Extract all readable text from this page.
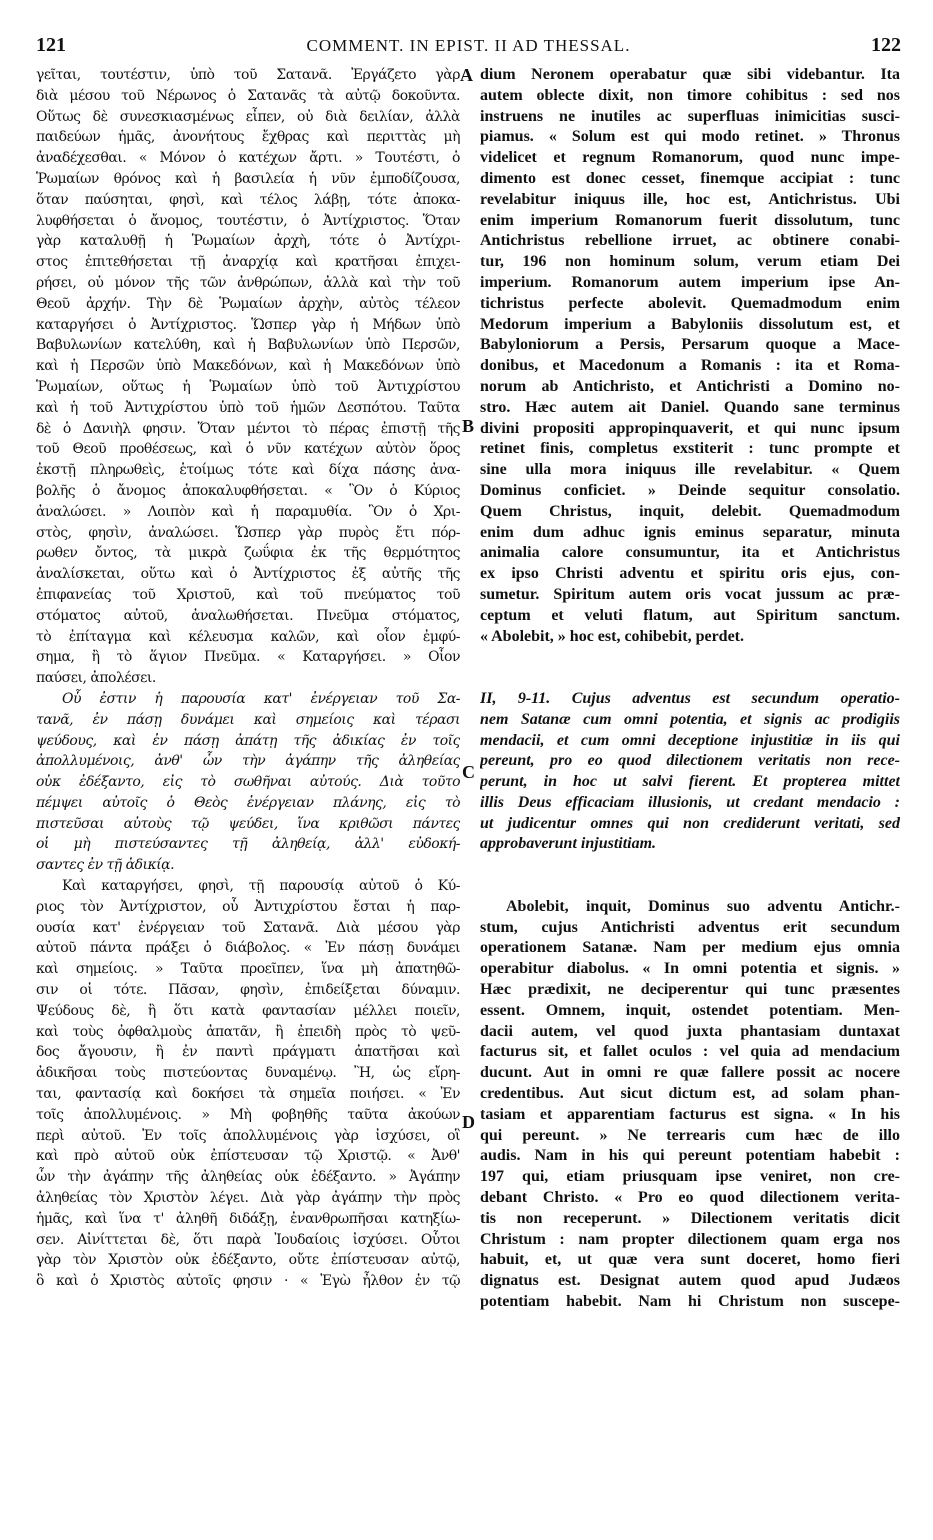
121	COMMENT. IN EPIST. II AD THESSAL.	122
A
B
C
D
γεῖται, τουτέστιν, ὑπὸ τοῦ Σατανᾶ. Ἐργάζετο γὰρ
διὰ μέσου τοῦ Νέρωνος ὁ Σατανᾶς τὰ αὐτῷ δοκοῦντα.
Οὕτως δὲ συνεσκιασμένως εἶπεν, οὐ διὰ δειλίαν, ἀλλὰ
παιδεύων ἡμᾶς, ἀνονήτους ἔχθρας καὶ περιττὰς μὴ
ἀναδέχεσθαι. « Μόνον ὁ κατέχων ἄρτι. » Τουτέστι, ὁ
Ῥωμαίων θρόνος καὶ ἡ βασιλεία ἡ νῦν ἐμποδίζουσα,
ὅταν παύσηται, φησὶ, καὶ τέλος λάβῃ, τότε ἀποκα-
λυφθήσεται ὁ ἄνομος, τουτέστιν, ὁ Ἀντίχριστος. Ὅταν
γὰρ καταλυθῇ ἡ Ῥωμαίων ἀρχὴ, τότε ὁ Ἀντίχρι-
στος ἐπιτεθήσεται τῇ ἀναρχίᾳ καὶ κρατῆσαι ἐπιχει-
ρήσει, οὐ μόνον τῆς τῶν ἀνθρώπων, ἀλλὰ καὶ τὴν τοῦ
Θεοῦ ἀρχήν. Τὴν δὲ Ῥωμαίων ἀρχὴν, αὐτὸς τέλεον
καταργήσει ὁ Ἀντίχριστος. Ὥσπερ γὰρ ἡ Μήδων ὑπὸ
Βαβυλωνίων κατελύθη, καὶ ἡ Βαβυλωνίων ὑπὸ Περσῶν,
καὶ ἡ Περσῶν ὑπὸ Μακεδόνων, καὶ ἡ Μακεδόνων ὑπὸ
Ῥωμαίων, οὕτως ἡ Ῥωμαίων ὑπὸ τοῦ Ἀντιχρίστου
καὶ ἡ τοῦ Ἀντιχρίστου ὑπὸ τοῦ ἡμῶν Δεσπότου. Ταῦτα
δὲ ὁ Δανιὴλ φησιν. Ὅταν μέντοι τὸ πέρας ἐπιστῇ τῆς
τοῦ Θεοῦ προθέσεως, καὶ ὁ νῦν κατέχων αὐτὸν ὅρος
ἐκστῇ πληρωθεὶς, ἑτοίμως τότε καὶ δίχα πάσης ἀνα-
βολῆς ὁ ἄνομος ἀποκαλυφθήσεται. « Ὃν ὁ Κύριος
ἀναλώσει. » Λοιπὸν καὶ ἡ παραμυθία. Ὃν ὁ Χρι-
στὸς, φησὶν, ἀναλώσει. Ὥσπερ γὰρ πυρὸς ἔτι πόρ-
ρωθεν ὄντος, τὰ μικρὰ ζωΰφια ἐκ τῆς θερμότητος
ἀναλίσκεται, οὕτω καὶ ὁ Ἀντίχριστος ἐξ αὐτῆς τῆς
ἐπιφανείας τοῦ Χριστοῦ, καὶ τοῦ πνεύματος τοῦ
στόματος αὐτοῦ, ἀναλωθήσεται. Πνεῦμα στόματος,
τὸ ἐπίταγμα καὶ κέλευσμα καλῶν, καὶ οἷον ἐμφύ-
σημα, ἢ τὸ ἅγιον Πνεῦμα. « Καταργήσει. » Οἷον
παύσει, ἀπολέσει.
Οὗ ἐστιν ἡ παρουσία κατ' ἐνέργειαν τοῦ Σα-
τανᾶ, ἐν πάσῃ δυνάμει καὶ σημείοις καὶ τέρασι
ψεύδους, καὶ ἐν πάσῃ ἀπάτῃ τῆς ἀδικίας ἐν τοῖς
ἀπολλυμένοις, ἀνθ' ὧν τὴν ἀγάπην τῆς ἀληθείας
οὐκ ἐδέξαντο, εἰς τὸ σωθῆναι αὐτούς. Διὰ τοῦτο
πέμψει αὐτοῖς ὁ Θεὸς ἐνέργειαν πλάνης, εἰς τὸ
πιστεῦσαι αὐτοὺς τῷ ψεύδει, ἵνα κριθῶσι πάντες
οἱ μὴ πιστεύσαντες τῇ ἀληθείᾳ, ἀλλ' εὐδοκή-
σαντες ἐν τῇ ἀδικίᾳ.
Καὶ καταργήσει, φησὶ, τῇ παρουσίᾳ αὐτοῦ ὁ Κύ-
ριος τὸν Ἀντίχριστον, οὗ Ἀντιχρίστου ἔσται ἡ παρ-
ουσία κατ' ἐνέργειαν τοῦ Σατανᾶ. Διὰ μέσου γὰρ
αὐτοῦ πάντα πράξει ὁ διάβολος. « Ἐν πάσῃ δυνάμει
καὶ σημείοις. » Ταῦτα προεῖπεν, ἵνα μὴ ἀπατηθῶ-
σιν οἱ τότε. Πᾶσαν, φησὶν, ἐπιδείξεται δύναμιν.
Ψεύδους δὲ, ἢ ὅτι κατὰ φαντασίαν μέλλει ποιεῖν,
καὶ τοὺς ὀφθαλμοὺς ἀπατᾶν, ἢ ἐπειδὴ πρὸς τὸ ψεῦ-
δος ἄγουσιν, ἢ ἐν παντὶ πράγματι ἀπατῆσαι καὶ
ἀδικῆσαι τοὺς πιστεύοντας δυναμένῳ. Ἢ, ὡς εἴρη-
ται, φαντασίᾳ καὶ δοκήσει τὰ σημεῖα ποιήσει. « Ἐν
τοῖς ἀπολλυμένοις. » Μὴ φοβηθῆς ταῦτα ἀκούων
περὶ αὐτοῦ. Ἐν τοῖς ἀπολλυμένοις γὰρ ἰσχύσει, οἳ
καὶ πρὸ αὐτοῦ οὐκ ἐπίστευσαν τῷ Χριστῷ. « Ἀνθ'
ὧν τὴν ἀγάπην τῆς ἀληθείας οὐκ ἐδέξαντο. » Ἀγάπην
ἀληθείας τὸν Χριστὸν λέγει. Διὰ γὰρ ἀγάπην τὴν πρὸς
ἡμᾶς, καὶ ἵνα τ' ἀληθῆ διδάξῃ, ἐνανθρωπῆσαι κατηξίω-
σεν. Αἰνίττεται δὲ, ὅτι παρὰ Ἰουδαίοις ἰσχύσει. Οὗτοι
γὰρ τὸν Χριστὸν οὐκ ἐδέξαντο, οὔτε ἐπίστευσαν αὐτῷ,
ὃ καὶ ὁ Χριστὸς αὐτοῖς φησιν · « Ἐγὼ ἦλθον ἐν τῷ
dium Neronem operabatur quæ sibi videbantur. Ita
autem oblecte dixit, non timore cohibitus : sed nos
instruens ne inutiles ac superfluas inimicitias susci-
piamus. « Solum est qui modo retinet. » Thronus
videlicet et regnum Romanorum, quod nunc impe-
dimento est donec cesset, finemque accipiat : tunc
revelabitur iniquus ille, hoc est, Antichristus. Ubi
enim imperium Romanorum fuerit dissolutum, tunc
Antichristus rebellione irruet, ac obtinere conabi-
tur, 196 non hominum solum, verum etiam Dei
imperium. Romanorum autem imperium ipse An-
tichristus perfecte abolevit. Quemadmodum enim
Medorum imperium a Babyloniis dissolutum est, et
Babyloniorum a Persis, Persarum quoque a Mace-
donibus, et Macedonum a Romanis : ita et Roma-
norum ab Antichristo, et Antichristi a Domino no-
stro. Hæc autem ait Daniel. Quando sane terminus
divini propositi appropinquaverit, et qui nunc ipsum
retinet finis, completus exstiterit : tunc prompte et
sine ulla mora iniquus ille revelabitur. « Quem
Dominus conficiet. » Deinde sequitur consolatio.
Quem Christus, inquit, delebit. Quemadmodum
enim dum adhuc ignis eminus separatur, minuta
animalia calore consumuntur, ita et Antichristus
ex ipso Christi adventu et spiritu oris ejus, con-
sumetur. Spiritum autem oris vocat jussum ac præ-
ceptum et veluti flatum, aut Spiritum sanctum.
« Abolebit, » hoc est, cohibebit, perdet.
II, 9-11. Cujus adventus est secundum operatio-
nem Satanæ cum omni potentia, et signis ac prodigiis
mendacii, et cum omni deceptione injustitiæ in iis qui
pereunt, pro eo quod dilectionem veritatis non rece-
perunt, in hoc ut salvi fierent. Et propterea mittet
illis Deus efficaciam illusionis, ut credant mendacio :
ut judicentur omnes qui non crediderunt veritati, sed
approbaverunt injustitiam.
Abolebit, inquit, Dominus suo adventu Antichr.-
stum, cujus Antichristi adventus erit secundum
operationem Satanæ. Nam per medium ejus omnia
operabitur diabolus. « In omni potentia et signis. »
Hæc prædixit, ne deciperentur qui tunc præsentes
essent. Omnem, inquit, ostendet potentiam. Men-
dacii autem, vel quod juxta phantasiam duntaxat
facturus sit, et fallet oculos : vel quia ad mendacium
ducunt. Aut in omni re quæ fallere possit ac nocere
credentibus. Aut sicut dictum est, ad solam phan-
tasiam et apparentiam facturus est signa. « In his
qui pereunt. » Ne terrearis cum hæc de illo
audis. Nam in his qui pereunt potentiam habebit :
197 qui, etiam priusquam ipse veniret, non cre-
debant Christo. « Pro eo quod dilectionem verita-
tis non receperunt. » Dilectionem veritatis dicit
Christum : nam propter dilectionem quam erga nos
habuit, et, ut quæ vera sunt doceret, homo fieri
dignatus est. Designat autem quod apud Judæos
potentiam habebit. Nam hi Christum non suscepe-
